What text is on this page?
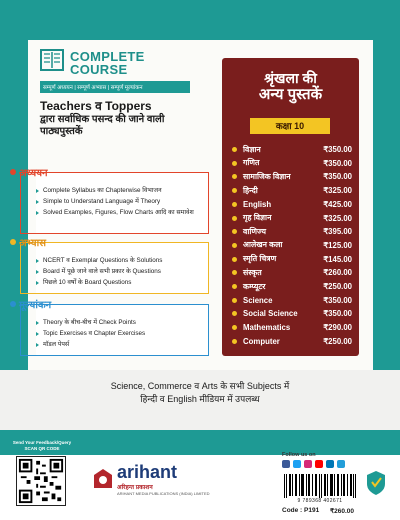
COMPLETE
COURSE
सम्पूर्ण अध्ययन | सम्पूर्ण अभ्यास | सम्पूर्ण मूल्यांकन
Teachers व Toppers
द्वारा सर्वाधिक पसन्द की जाने वाली पाठ्यपुस्तकें
अध्ययन
Complete Syllabus का Chapterwise विभाजन
Simple to Understand Language में Theory
Solved Examples, Figures, Flow Charts आदि का समावेश
अभ्यास
NCERT व Exemplar Questions के Solutions
Board में पूछे जाने वाले सभी प्रकार के Questions
पिछले 10 वर्षों के Board Questions
मूल्यांकन
Theory के बीच-बीच में Check Points
Topic Exercises व Chapter Exercises
मॉडल पेपर्स
श्रृंखला की
अन्य पुस्तकें
कक्षा 10
विज्ञान	₹350.00
गणित	₹350.00
सामाजिक विज्ञान	₹350.00
हिन्दी	₹325.00
English	₹425.00
गृह विज्ञान	₹325.00
वाणिज्य	₹395.00
आलेखन कला	₹125.00
स्मृति चित्रण	₹145.00
संस्कृत	₹260.00
कम्प्यूटर	₹250.00
Science	₹350.00
Social Science	₹350.00
Mathematics	₹290.00
Computer	₹250.00
Science, Commerce व Arts के सभी Subjects में
हिन्दी व English मीडियम में उपलब्ध
Send Your Feedback/Query SCAN QR CODE
arihant
अरिहन्त प्रकाशन
ARIHANT MEDIA PUBLICATIONS (INDIA) LIMITED
Follow us on
9 789368 402671
Code : P191 ₹260.00
